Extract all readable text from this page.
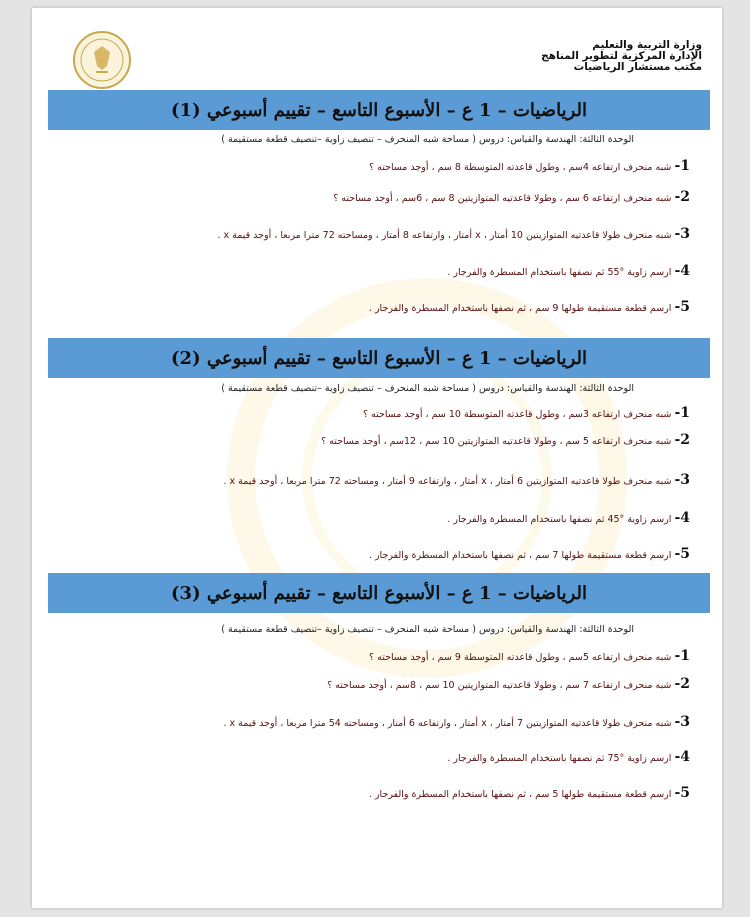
وزارة التربية والتعليم
الإدارة المركزية لتطوير المناهج
مكتب مستشار الرياضيات
الرياضيات – 1 ع – الأسبوع التاسع – تقييم أسبوعي (1)
الوحدة الثالثة: الهندسة والقياس: دروس ( مساحة شبه المنحرف – تنصيف زاوية –تنصيف قطعة مستقيمة )
1- شبه منحرف ارتفاعه 4سم ، وطول قاعدته المتوسطة 8 سم ، أوجد مساحته ؟
2- شبه منحرف ارتفاعه 6 سم ، وطولا قاعدتيه المتوازيتين 8 سم ، 6سم ، أوجد مساحته ؟
3- شبه منحرف طولا قاعدتيه المتوازيتين 10 أمتار ، x أمتار ، وارتفاعه 8 أمتار ، ومساحته 72 مترا مربعا ، أوجد قيمة x .
4- ارسم زاوية °55 ثم نصفها باستخدام المسطرة والفرجار .
5- ارسم قطعة مستقيمة طولها 9 سم ، ثم نصفها باستخدام المسطرة والفرجار .
الرياضيات – 1 ع – الأسبوع التاسع – تقييم أسبوعي (2)
الوحدة الثالثة: الهندسة والقياس: دروس ( مساحة شبه المنحرف – تنصيف زاوية –تنصيف قطعة مستقيمة )
1- شبه منحرف ارتفاعه 3سم ، وطول قاعدته المتوسطة 10 سم ، أوجد مساحته ؟
2- شبه منحرف ارتفاعه 5 سم ، وطولا قاعدتيه المتوازيتين 10 سم ، 12سم ، أوجد مساحته ؟
3- شبه منحرف طولا قاعدتيه المتوازيتين 6 أمتار ، x أمتار ، وارتفاعه 9 أمتار ، ومساحته 72 مترا مربعا ، أوجد قيمة x .
4- ارسم زاوية °45 ثم نصفها باستخدام المسطرة والفرجار .
5- ارسم قطعة مستقيمة طولها 7 سم ، ثم نصفها باستخدام المسطرة والفرجار .
الرياضيات – 1 ع – الأسبوع التاسع – تقييم أسبوعي (3)
الوحدة الثالثة: الهندسة والقياس: دروس ( مساحة شبه المنحرف – تنصيف زاوية –تنصيف قطعة مستقيمة )
1- شبه منحرف ارتفاعه 5سم ، وطول قاعدته المتوسطة 9 سم ، أوجد مساحته ؟
2- شبه منحرف ارتفاعه 7 سم ، وطولا قاعدتيه المتوازيتين 10 سم ، 8سم ، أوجد مساحته ؟
3- شبه منحرف طولا قاعدتيه المتوازيتين 7 أمتار ، x أمتار ، وارتفاعه 6 أمتار ، ومساحته 54 مترا مربعا ، أوجد قيمة x .
4- ارسم زاوية °75 ثم نصفها باستخدام المسطرة والفرجار .
5- ارسم قطعة مستقيمة طولها 5 سم ، ثم نصفها باستخدام المسطرة والفرجار .
